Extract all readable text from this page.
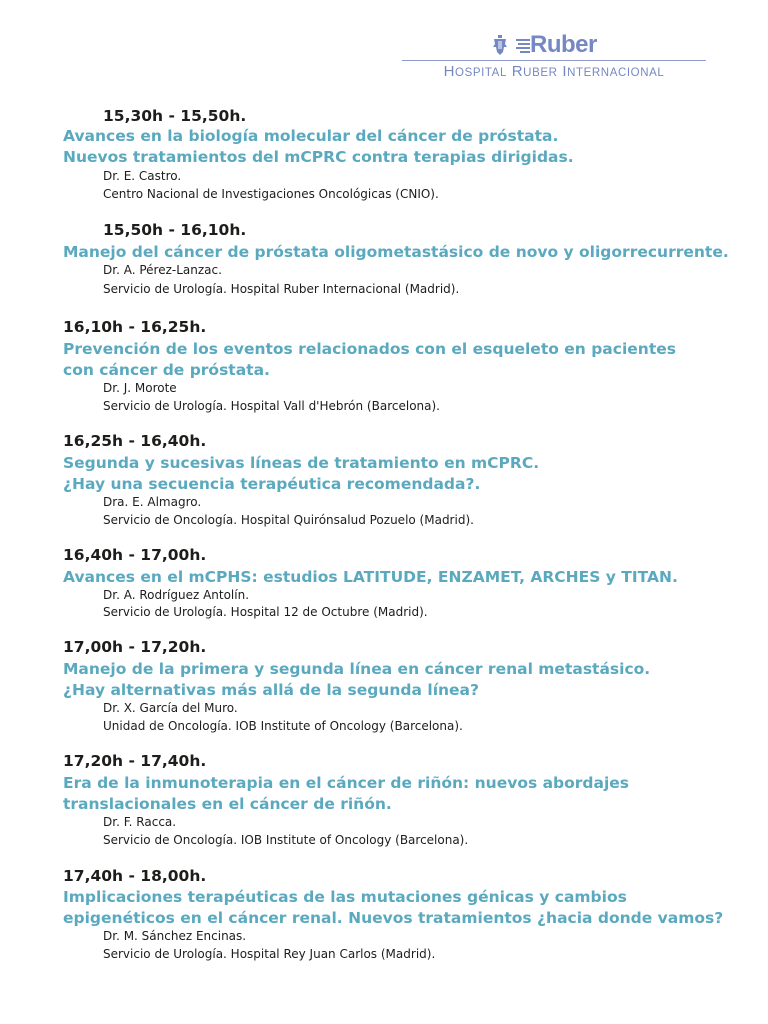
Ruber
HOSPITAL RUBER INTERNACIONAL
15,30h - 15,50h.
Avances en la biología molecular del cáncer de próstata.
Nuevos tratamientos del mCPRC contra terapias dirigidas.
Dr. E. Castro.
Centro Nacional de Investigaciones Oncológicas (CNIO).
15,50h - 16,10h.
Manejo del cáncer de próstata oligometastásico de novo y oligorrecurrente.
Dr. A. Pérez-Lanzac.
Servicio de Urología. Hospital Ruber Internacional (Madrid).
16,10h - 16,25h.
Prevención de los eventos relacionados con el esqueleto en pacientes
con cáncer de próstata.
Dr. J. Morote
Servicio de Urología. Hospital Vall d'Hebrón (Barcelona).
16,25h - 16,40h.
Segunda y sucesivas líneas de tratamiento en mCPRC.
¿Hay una secuencia terapéutica recomendada?.
Dra. E. Almagro.
Servicio de Oncología. Hospital Quirónsalud Pozuelo (Madrid).
16,40h - 17,00h.
Avances en el mCPHS: estudios LATITUDE, ENZAMET, ARCHES y TITAN.
Dr. A. Rodríguez Antolín.
Servicio de Urología. Hospital 12 de Octubre (Madrid).
17,00h - 17,20h.
Manejo de la primera y segunda línea en cáncer renal metastásico.
¿Hay alternativas más allá de la segunda línea?
Dr. X. García del Muro.
Unidad de Oncología. IOB Institute of Oncology (Barcelona).
17,20h - 17,40h.
Era de la inmunoterapia en el cáncer de riñón: nuevos abordajes
translacionales en el cáncer de riñón.
Dr. F. Racca.
Servicio de Oncología. IOB Institute of Oncology (Barcelona).
17,40h - 18,00h.
Implicaciones terapéuticas de las mutaciones génicas y cambios
epigenéticos en el cáncer renal. Nuevos tratamientos ¿hacia donde vamos?
Dr. M. Sánchez Encinas.
Servicio de Urología. Hospital Rey Juan Carlos (Madrid).
